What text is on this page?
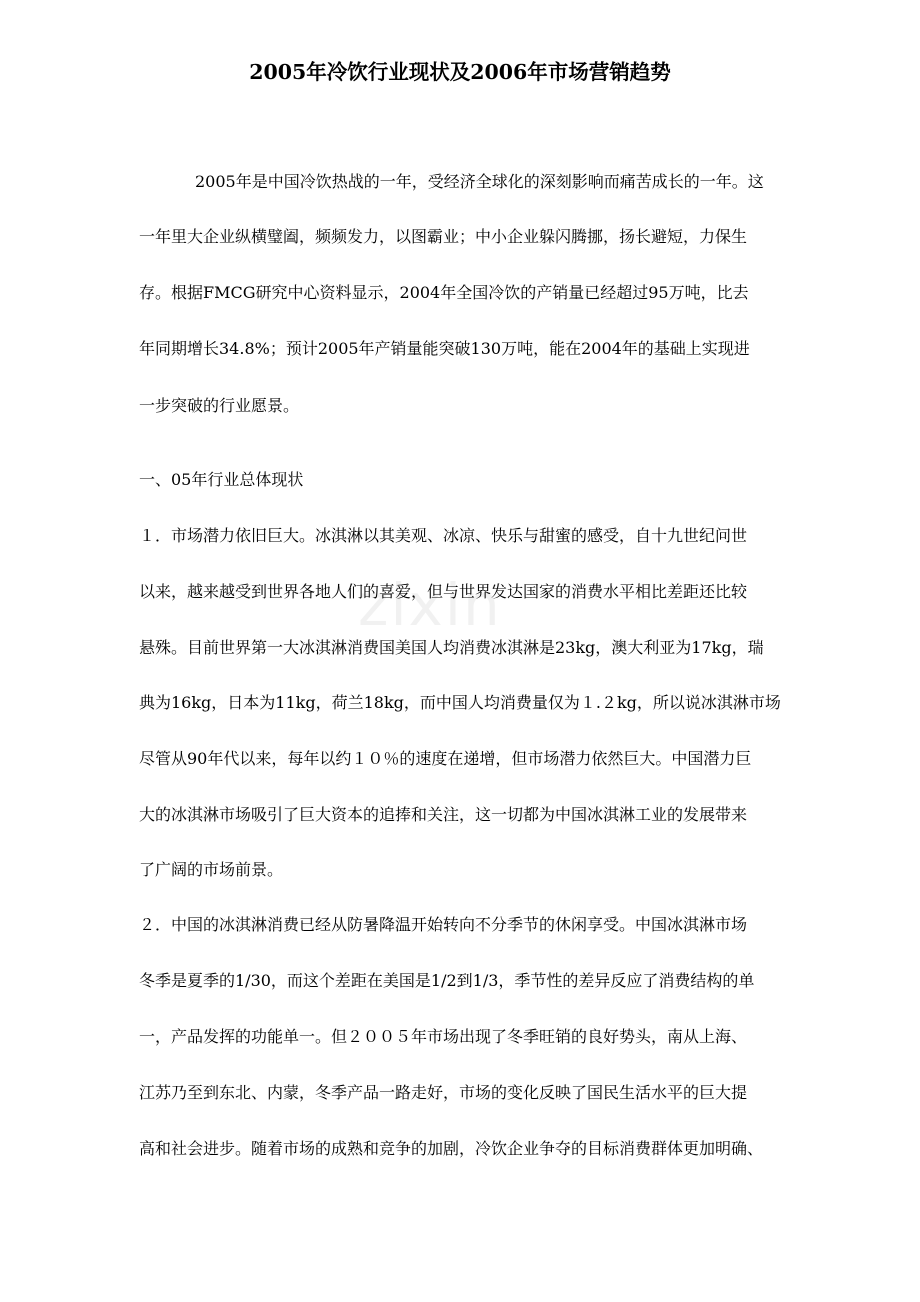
zixin
2005年冷饮行业现状及2006年市场营销趋势
2005年是中国冷饮热战的一年，受经济全球化的深刻影响而痛苦成长的一年。这
一年里大企业纵横璧阖，频频发力，以图霸业；中小企业躲闪腾挪，扬长避短，力保生
存。根据FMCG研究中心资料显示，2004年全国冷饮的产销量已经超过95万吨，比去
年同期增长34.8%；预计2005年产销量能突破130万吨，能在2004年的基础上实现进
一步突破的行业愿景。
一、05年行业总体现状
１．市场潜力依旧巨大。冰淇淋以其美观、冰凉、快乐与甜蜜的感受，自十九世纪问世
以来，越来越受到世界各地人们的喜爱，但与世界发达国家的消费水平相比差距还比较
悬殊。目前世界第一大冰淇淋消费国美国人均消费冰淇淋是23kg，澳大利亚为17kg，瑞
典为16kg，日本为11kg，荷兰18kg，而中国人均消费量仅为１.２kg，所以说冰淇淋市场
尽管从90年代以来，每年以约１０％的速度在递增，但市场潜力依然巨大。中国潜力巨
大的冰淇淋市场吸引了巨大资本的追捧和关注，这一切都为中国冰淇淋工业的发展带来
了广阔的市场前景。
２．中国的冰淇淋消费已经从防暑降温开始转向不分季节的休闲享受。中国冰淇淋市场
冬季是夏季的1/30，而这个差距在美国是1/2到1/3，季节性的差异反应了消费结构的单
一，产品发挥的功能单一。但２００５年市场出现了冬季旺销的良好势头，南从上海、
江苏乃至到东北、内蒙，冬季产品一路走好，市场的变化反映了国民生活水平的巨大提
高和社会进步。随着市场的成熟和竞争的加剧，冷饮企业争夺的目标消费群体更加明确、
